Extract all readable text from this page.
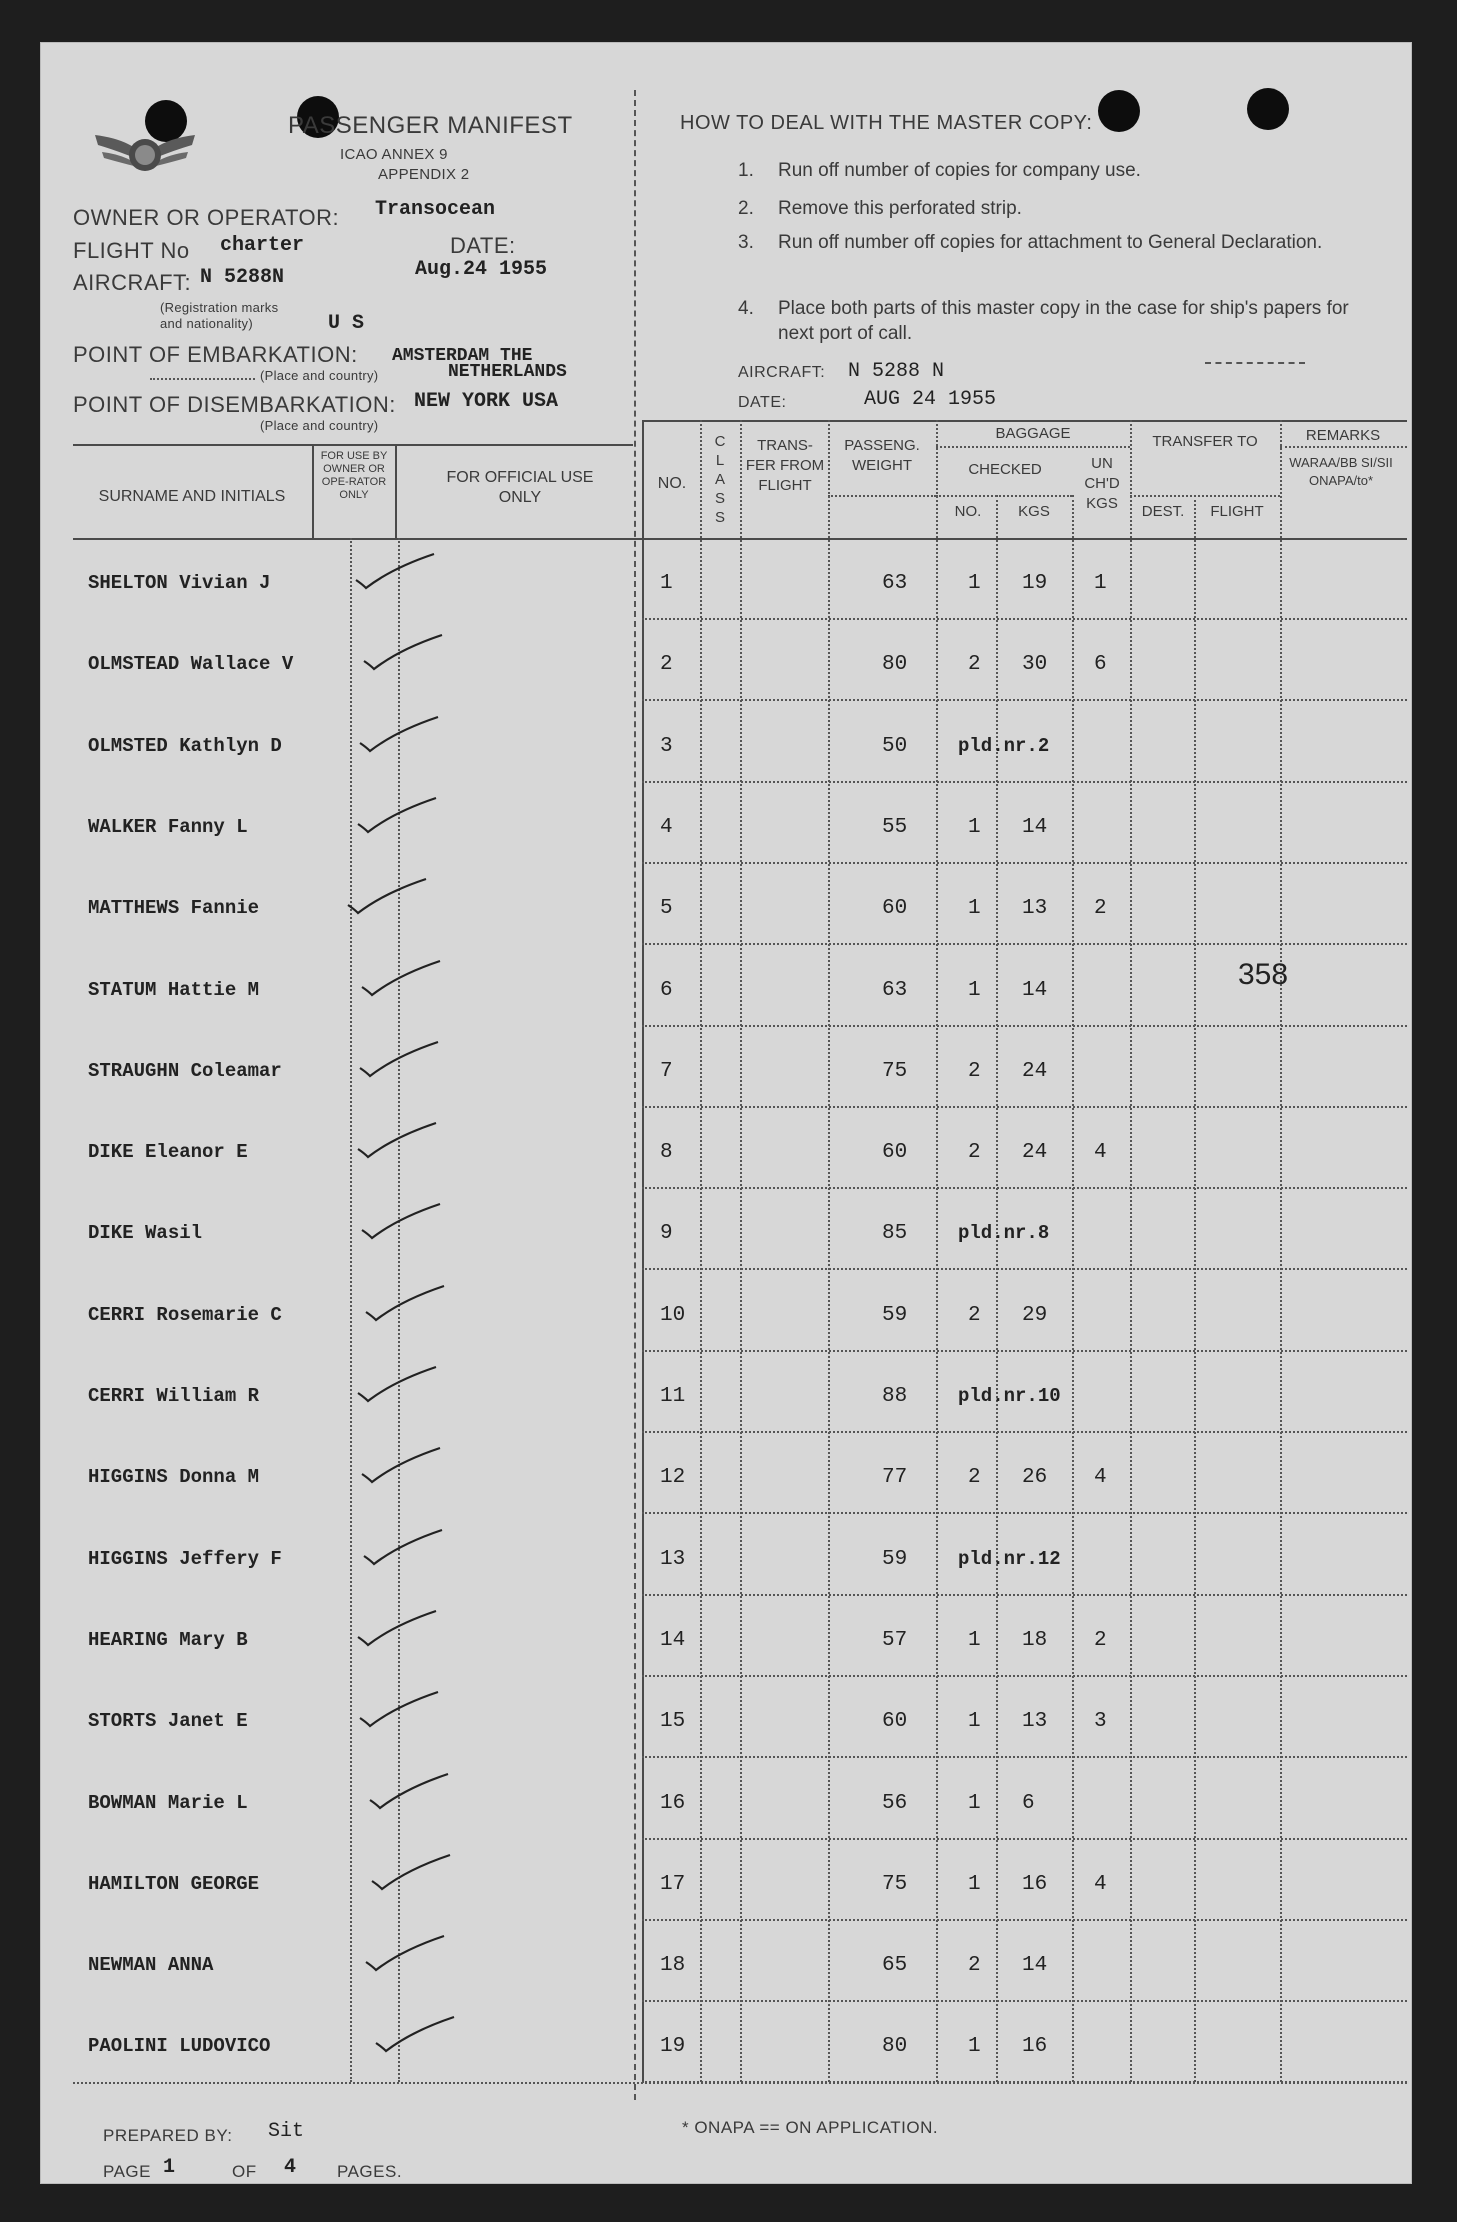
PASSENGER MANIFEST
ICAO ANNEX 9
APPENDIX 2
OWNER OR OPERATOR: Transocean
FLIGHT No charter	DATE:
Aug.24 1955
AIRCRAFT: N 5288N
(Registration marks
and nationality)	U S
POINT OF EMBARKATION: AMSTERDAM THE
(Place and country)	NETHERLANDS
POINT OF DISEMBARKATION: NEW YORK USA
(Place and country)
HOW TO DEAL WITH THE MASTER COPY:
1. Run off number of copies for company use.
2. Remove this perforated strip.
3. Run off number off copies for attachment to General Declaration.
4. Place both parts of this master copy in the case for ship's papers for next port of call.
AIRCRAFT: N 5288 N
DATE:	AUG 24 1955
SURNAME AND INITIALS
FOR USE BY OWNER OR OPE-RATOR ONLY
FOR OFFICIAL USE ONLY
NO.
CLASS
TRANS-FER FROM FLIGHT
PASSENG. WEIGHT
BAGGAGE
CHECKED
NO.	KGS
UN CH'D KGS
TRANSFER TO
DEST.	FLIGHT
REMARKS
WARAA/BB SI/SII ONAPA/to*
SHELTON Vivian J	1	63	1 19 1
OLMSTEAD Wallace V	2	80	2 30 6
OLMSTED Kathlyn D	3	50	pld.nr.2
WALKER Fanny L	4	55	1 14
MATTHEWS Fannie	5	60	1 13 2
STATUM Hattie M	6	63	1 14
STRAUGHN Coleamar	7	75	2 24
DIKE Eleanor E	8	60	2 24 4
DIKE Wasil	9	85	pld.nr.8
CERRI Rosemarie C	10	59	2 29
CERRI William R	11	88	pld.nr.10
HIGGINS Donna M	12	77	2 26 4
HIGGINS Jeffery F	13	59	pld.nr.12
HEARING Mary B	14	57	1 18 2
STORTS Janet E	15	60	1 13 3
BOWMAN Marie L	16	56	1 6
HAMILTON GEORGE	17	75	1 16 4
NEWMAN ANNA	18	65	2 14
PAOLINI LUDOVICO	19	80	1 16
358
PREPARED BY: Sit
PAGE 1	OF 4 PAGES.
* ONAPA == ON APPLICATION.
